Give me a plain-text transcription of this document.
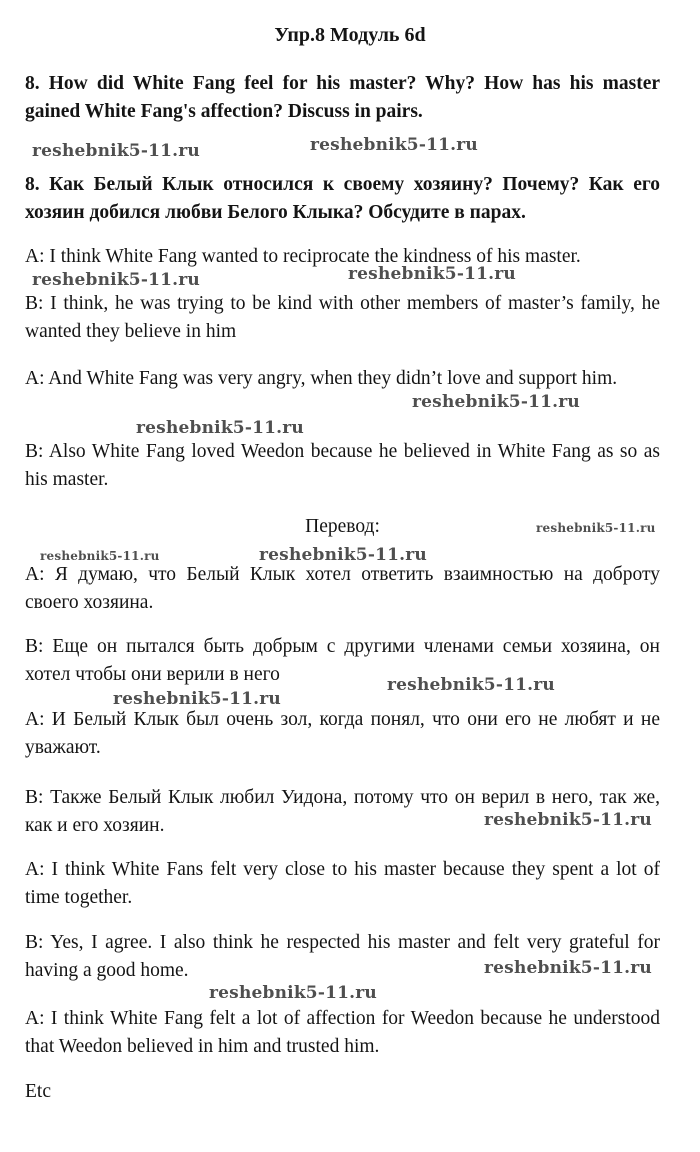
Упр.8 Модуль 6d
8. How did White Fang feel for his master? Why? How has his master gained White Fang's affection? Discuss in pairs.
8. Как Белый Клык относился к своему хозяину? Почему? Как его хозяин добился любви Белого Клыка? Обсудите в парах.
A: I think White Fang wanted to reciprocate the kindness of his master.
B: I think, he was trying to be kind with other members of master’s family, he wanted they believe in him
A: And White Fang was very angry, when they didn’t love and support him.
B: Also White Fang loved Weedon because he believed in White Fang as so as his master.
Перевод:
A: Я думаю, что Белый Клык хотел ответить взаимностью на доброту своего хозяина.
B: Еще он пытался быть добрым с другими членами семьи хозяина, он хотел чтобы они верили в него
A: И Белый Клык был очень зол, когда понял, что они его не любят и не уважают.
B: Также Белый Клык любил Уидона, потому что он верил в него, так же, как и его хозяин.
A: I think White Fans felt very close to his master because they spent a lot of time together.
B: Yes, I agree. I also think he respected his master and felt very grateful for having a good home.
A: I think White Fang felt a lot of affection for Weedon because he understood that Weedon believed in him and trusted him.
Etc
reshebnik5-11.ru	reshebnik5-11.ru
reshebnik5-11.ru	reshebnik5-11.ru
reshebnik5-11.ru
reshebnik5-11.ru
reshebnik5-11.ru
reshebnik5-11.ru	reshebnik5-11.ru
reshebnik5-11.ru
reshebnik5-11.ru
reshebnik5-11.ru
reshebnik5-11.ru
reshebnik5-11.ru
